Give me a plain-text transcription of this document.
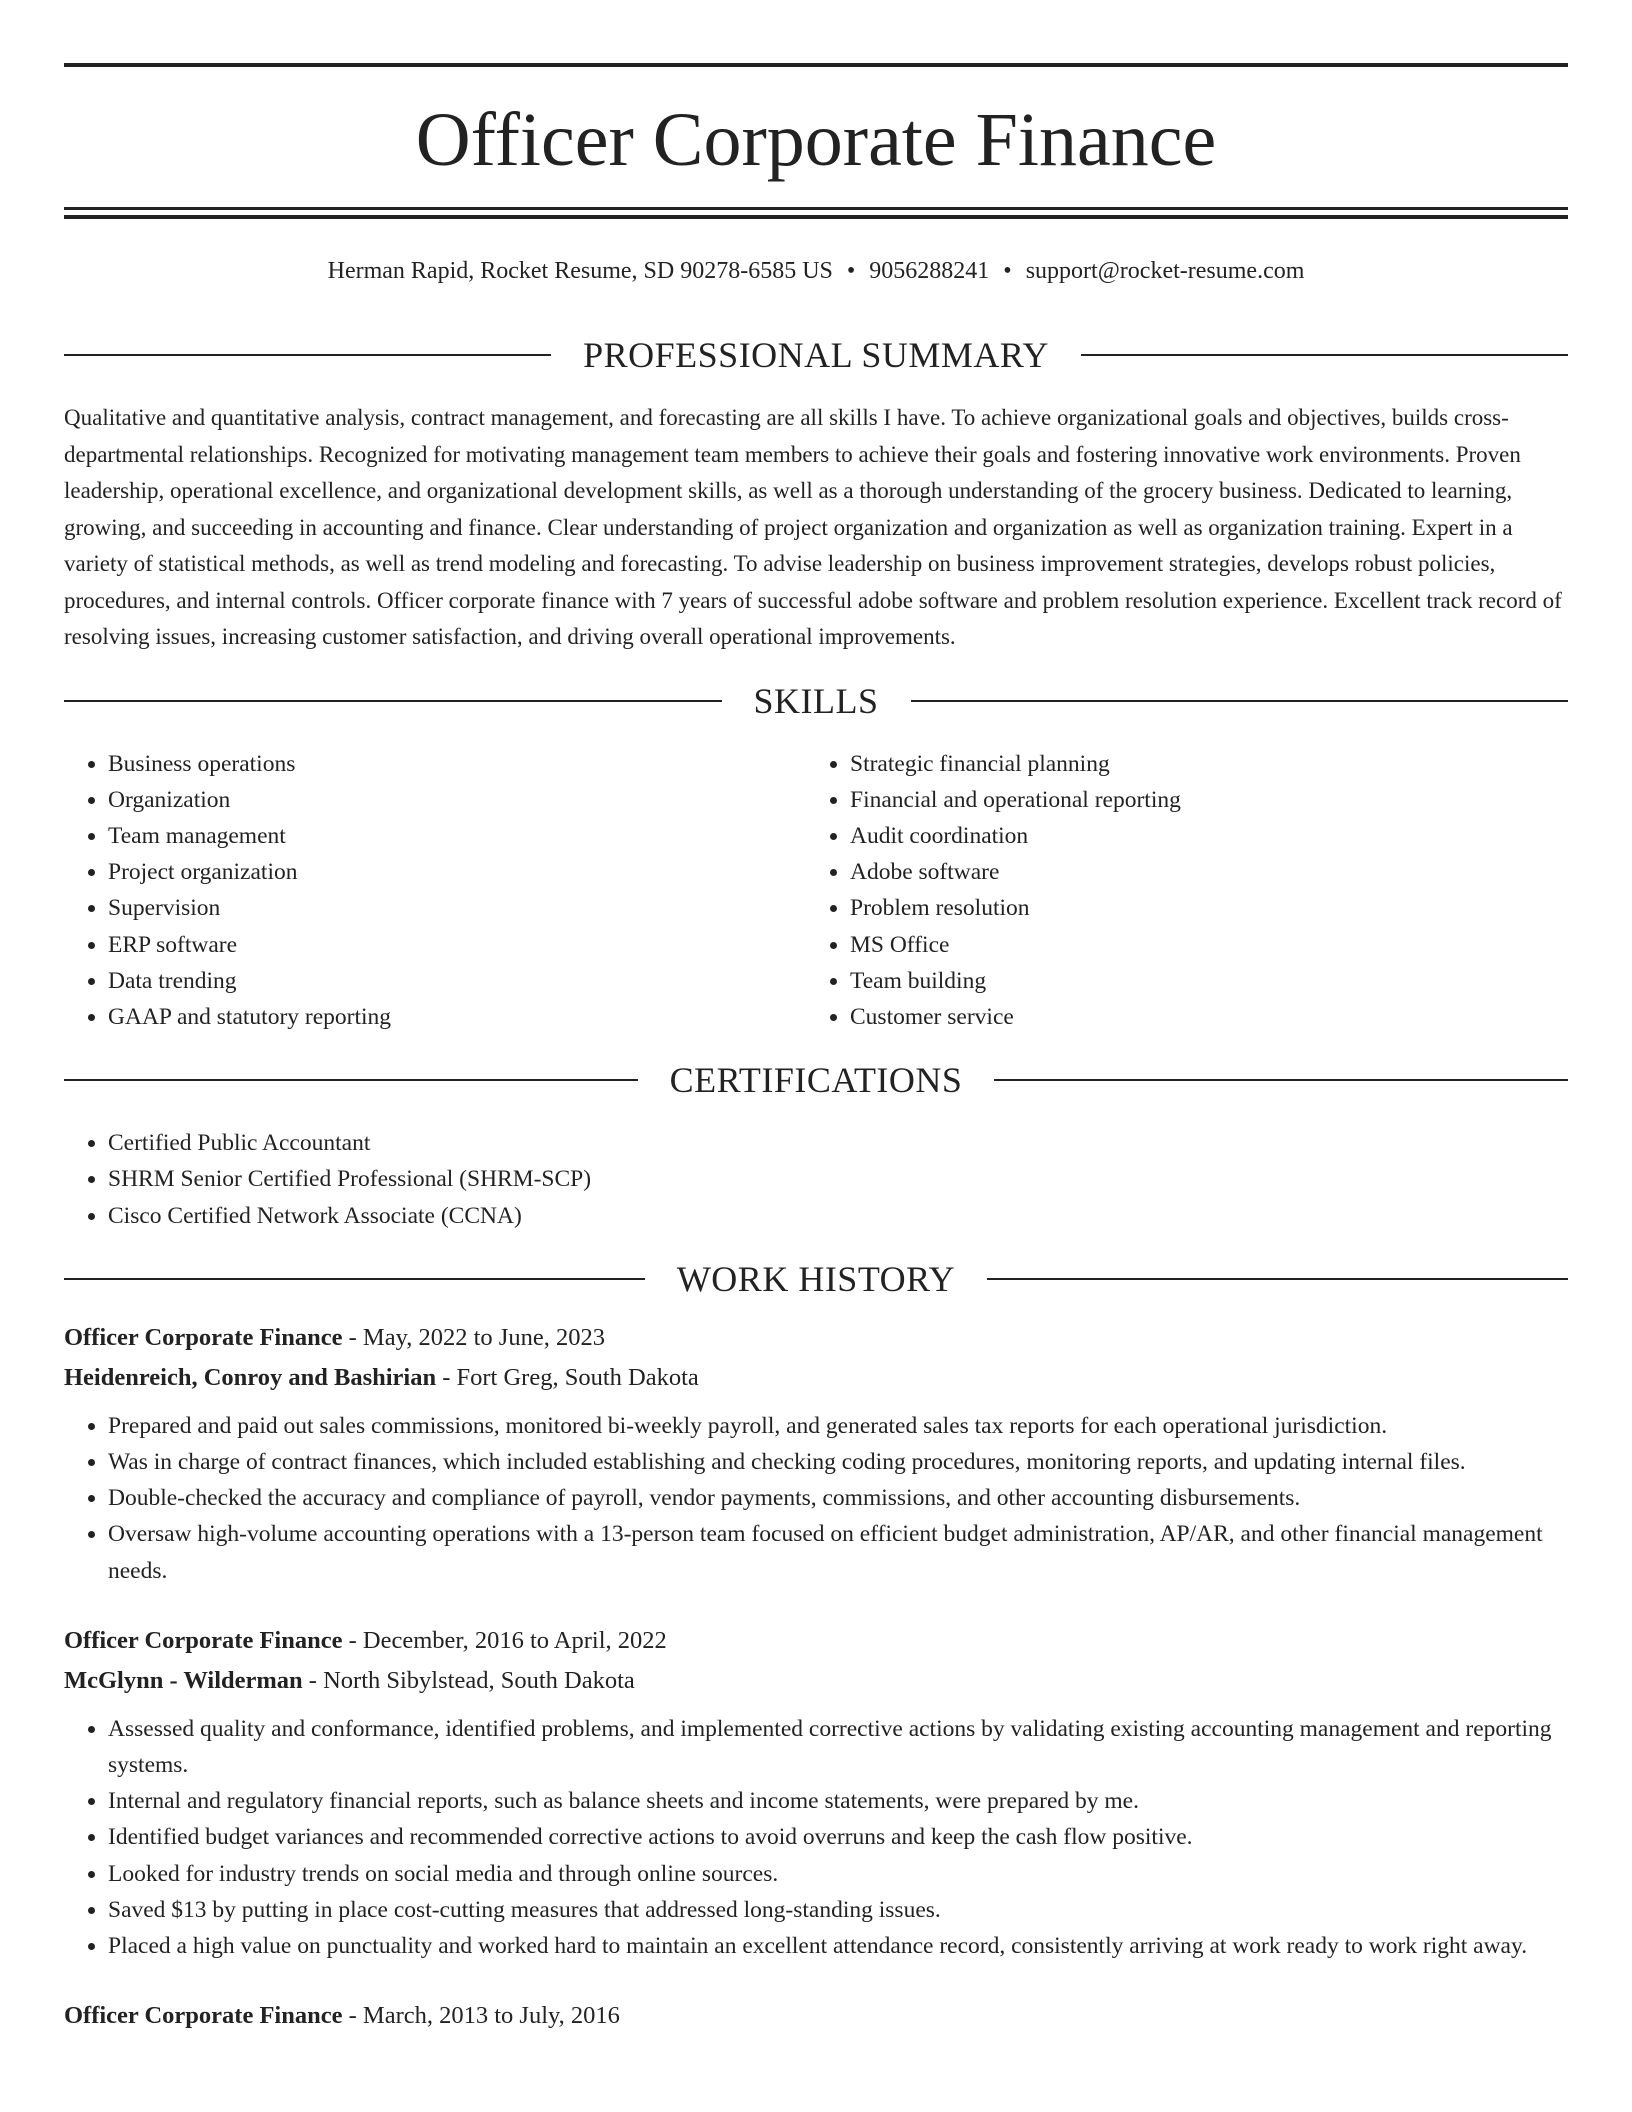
Officer Corporate Finance
Herman Rapid, Rocket Resume, SD 90278-6585 US • 9056288241 • support@rocket-resume.com
PROFESSIONAL SUMMARY

Qualitative and quantitative analysis, contract management, and forecasting are all skills I have. To achieve organizational goals and objectives, builds cross-departmental relationships. Recognized for motivating management team members to achieve their goals and fostering innovative work environments. Proven leadership, operational excellence, and organizational development skills, as well as a thorough understanding of the grocery business. Dedicated to learning, growing, and succeeding in accounting and finance. Clear understanding of project organization and organization as well as organization training. Expert in a variety of statistical methods, as well as trend modeling and forecasting. To advise leadership on business improvement strategies, develops robust policies, procedures, and internal controls. Officer corporate finance with 7 years of successful adobe software and problem resolution experience. Excellent track record of resolving issues, increasing customer satisfaction, and driving overall operational improvements.

SKILLS
• Business operations
• Organization
• Team management
• Project organization
• Supervision
• ERP software
• Data trending
• GAAP and statutory reporting
• Strategic financial planning
• Financial and operational reporting
• Audit coordination
• Adobe software
• Problem resolution
• MS Office
• Team building
• Customer service
CERTIFICATIONS
• Certified Public Accountant
• SHRM Senior Certified Professional (SHRM-SCP)
• Cisco Certified Network Associate (CCNA)
WORK HISTORY
Officer Corporate Finance - May, 2022 to June, 2023
Heidenreich, Conroy and Bashirian - Fort Greg, South Dakota
• Prepared and paid out sales commissions, monitored bi-weekly payroll, and generated sales tax reports for each operational jurisdiction.
• Was in charge of contract finances, which included establishing and checking coding procedures, monitoring reports, and updating internal files.
• Double-checked the accuracy and compliance of payroll, vendor payments, commissions, and other accounting disbursements.
• Oversaw high-volume accounting operations with a 13-person team focused on efficient budget administration, AP/AR, and other financial management needs.
Officer Corporate Finance - December, 2016 to April, 2022
McGlynn - Wilderman - North Sibylstead, South Dakota
• Assessed quality and conformance, identified problems, and implemented corrective actions by validating existing accounting management and reporting systems.
• Internal and regulatory financial reports, such as balance sheets and income statements, were prepared by me.
• Identified budget variances and recommended corrective actions to avoid overruns and keep the cash flow positive.
• Looked for industry trends on social media and through online sources.
• Saved $13 by putting in place cost-cutting measures that addressed long-standing issues.
• Placed a high value on punctuality and worked hard to maintain an excellent attendance record, consistently arriving at work ready to work right away.
Officer Corporate Finance - March, 2013 to July, 2016
